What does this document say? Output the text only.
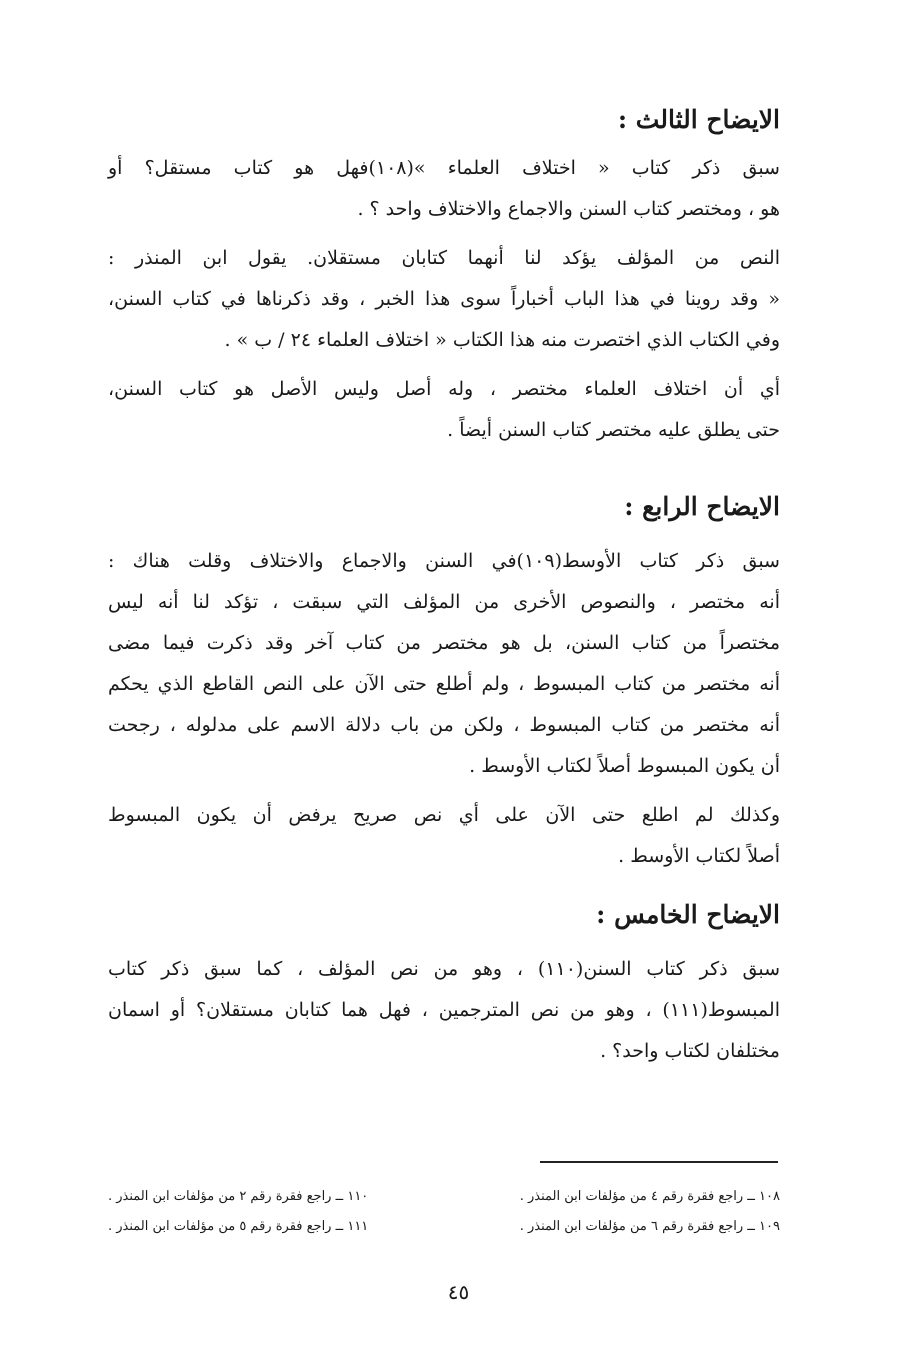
الايضاح الثالث :
سبق ذكر كتاب « اختلاف العلماء »(١٠٨)فهل هو كتاب مستقل؟ أو
هو ، ومختصر كتاب السنن والاجماع والاختلاف واحد ؟ .
النص من المؤلف يؤكد لنا أنهما كتابان مستقلان. يقول ابن المنذر :
« وقد روينا في هذا الباب أخباراً سوى هذا الخبر ، وقد ذكرناها في كتاب السنن،
وفي الكتاب الذي اختصرت منه هذا الكتاب « اختلاف العلماء ٢٤ / ب » .
أي أن اختلاف العلماء مختصر ، وله أصل وليس الأصل هو كتاب السنن،
حتى يطلق عليه مختصر كتاب السنن أيضاً .
الايضاح الرابع :
سبق ذكر كتاب الأوسط(١٠٩)في السنن والاجماع والاختلاف وقلت هناك :
أنه مختصر ، والنصوص الأخرى من المؤلف التي سبقت ، تؤكد لنا أنه ليس
مختصراً من كتاب السنن، بل هو مختصر من كتاب آخر وقد ذكرت فيما مضى
أنه مختصر من كتاب المبسوط ، ولم أطلع حتى الآن على النص القاطع الذي يحكم
أنه مختصر من كتاب المبسوط ، ولكن من باب دلالة الاسم على مدلوله ، رجحت
أن يكون المبسوط أصلاً لكتاب الأوسط .
وكذلك لم اطلع حتى الآن على أي نص صريح يرفض أن يكون المبسوط
أصلاً لكتاب الأوسط .
الايضاح الخامس :
سبق ذكر كتاب السنن(١١٠) ، وهو من نص المؤلف ، كما سبق ذكر كتاب
المبسوط(١١١) ، وهو من نص المترجمين ، فهل هما كتابان مستقلان؟ أو اسمان
مختلفان لكتاب واحد؟ .
١٠٨ ــ راجع فقرة رقم ٤ من مؤلفات ابن المنذر .
١١٠ ــ راجع فقرة رقم ٢ من مؤلفات ابن المنذر .
١٠٩ ــ راجع فقرة رقم ٦ من مؤلفات ابن المنذر .
١١١ ــ راجع فقرة رقم ٥ من مؤلفات ابن المنذر .
٤٥
